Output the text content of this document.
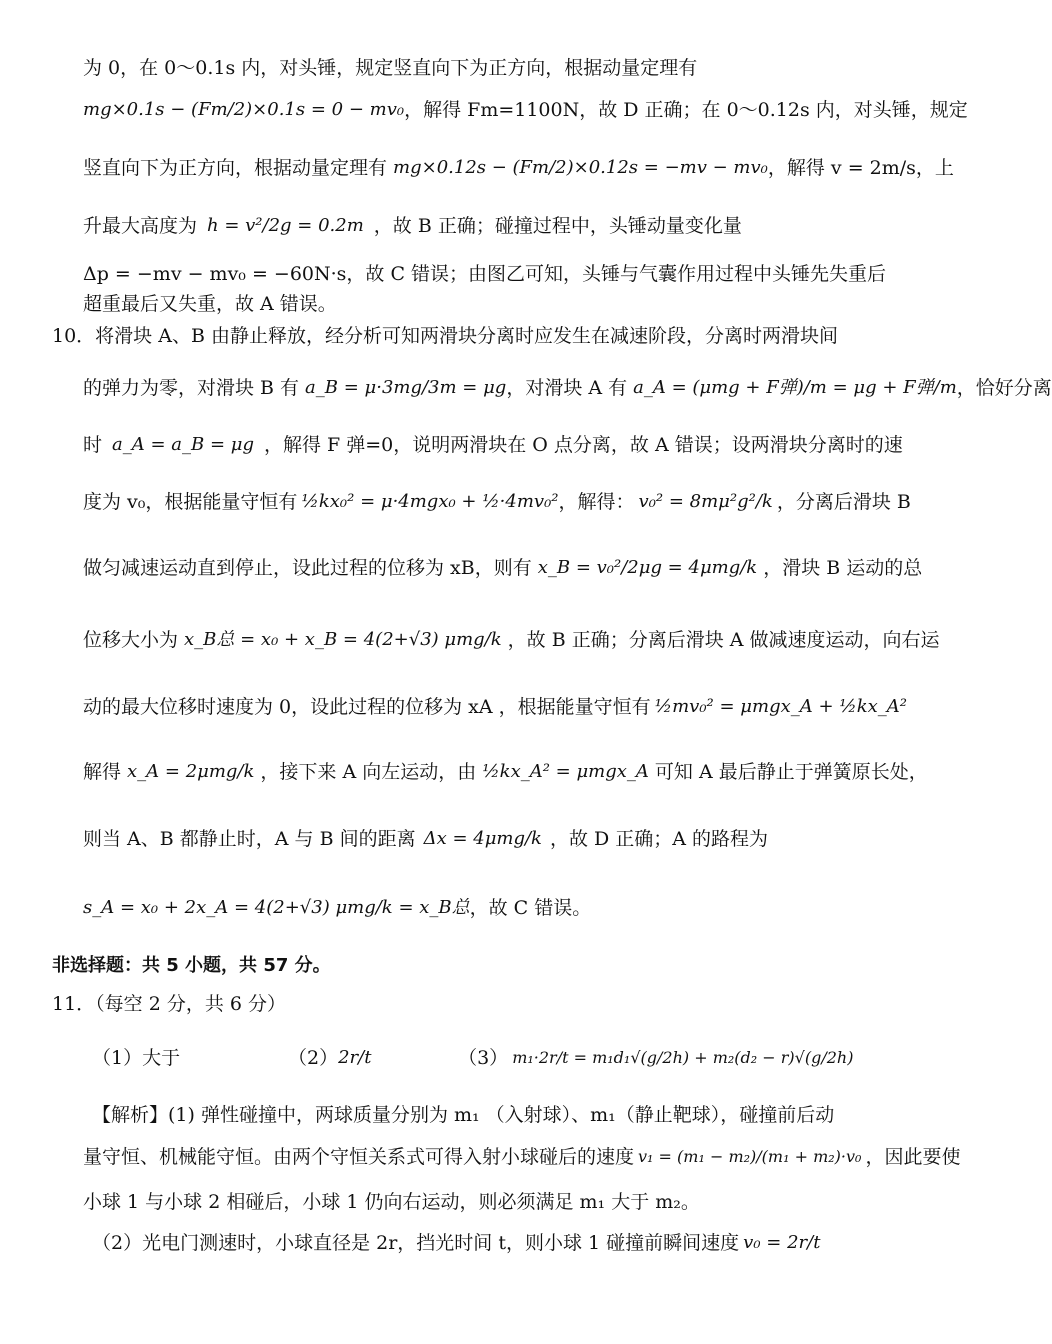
为 0，在 0～0.1s 内，对头锤，规定竖直向下为正方向，根据动量定理有
mg×0.1s − (Fm/2)×0.1s = 0 − mv₀ ，解得 Fm=1100N，故 D 正确；在 0～0.12s 内，对头锤，规定
竖直向下为正方向，根据动量定理有 mg×0.12s − (Fm/2)×0.12s = −mv − mv₀ ，解得 v = 2m/s，上
升最大高度为 h = v²/2g = 0.2m ，故 B 正确；碰撞过程中，头锤动量变化量
Δp = −mv − mv₀ = −60N·s，故 C 错误；由图乙可知，头锤与气囊作用过程中头锤先失重后
超重最后又失重，故 A 错误。
10．将滑块 A、B 由静止释放，经分析可知两滑块分离时应发生在减速阶段，分离时两滑块间
的弹力为零，对滑块 B 有 a_B = μ·3mg/3m = μg ，对滑块 A 有 a_A = (μmg + F弹)/m = μg + F弹/m ，恰好分离
时 a_A = a_B = μg ，解得 F 弹=0，说明两滑块在 O 点分离，故 A 错误；设两滑块分离时的速
度为 v₀，根据能量守恒有 ½kx₀² = μ·4mgx₀ + ½·4mv₀² ，解得： v₀² = 8mμ²g²/k ，分离后滑块 B
做匀减速运动直到停止，设此过程的位移为 xB，则有 x_B = v₀²/2μg = 4μmg/k ，滑块 B 运动的总
位移大小为 x_B总 = x₀ + x_B = 4(2+√3) μmg/k ，故 B 正确；分离后滑块 A 做减速度运动，向右运
动的最大位移时速度为 0，设此过程的位移为 xA ，根据能量守恒有 ½mv₀² = μmgx_A + ½kx_A²
解得 x_A = 2μmg/k ，接下来 A 向左运动，由 ½kx_A² = μmgx_A 可知 A 最后静止于弹簧原长处，
则当 A、B 都静止时，A 与 B 间的距离 Δx = 4μmg/k ，故 D 正确；A 的路程为
s_A = x₀ + 2x_A = 4(2+√3) μmg/k = x_B总 ，故 C 错误。
非选择题：共 5 小题，共 57 分。
11．（每空 2 分，共 6 分）
（1）大于	（2） 2r/t	（3） m₁·2r/t = m₁d₁√(g/2h) + m₂(d₂ − r)√(g/2h)
【解析】(1) 弹性碰撞中，两球质量分别为 m₁ （入射球）、m₁（静止靶球），碰撞前后动
量守恒、机械能守恒。由两个守恒关系式可得入射小球碰后的速度 v₁ = (m₁ − m₂)/(m₁ + m₂)·v₀ ，因此要使
小球 1 与小球 2 相碰后，小球 1 仍向右运动，则必须满足 m₁ 大于 m₂。
（2）光电门测速时，小球直径是 2r，挡光时间 t，则小球 1 碰撞前瞬间速度 v₀ = 2r/t
